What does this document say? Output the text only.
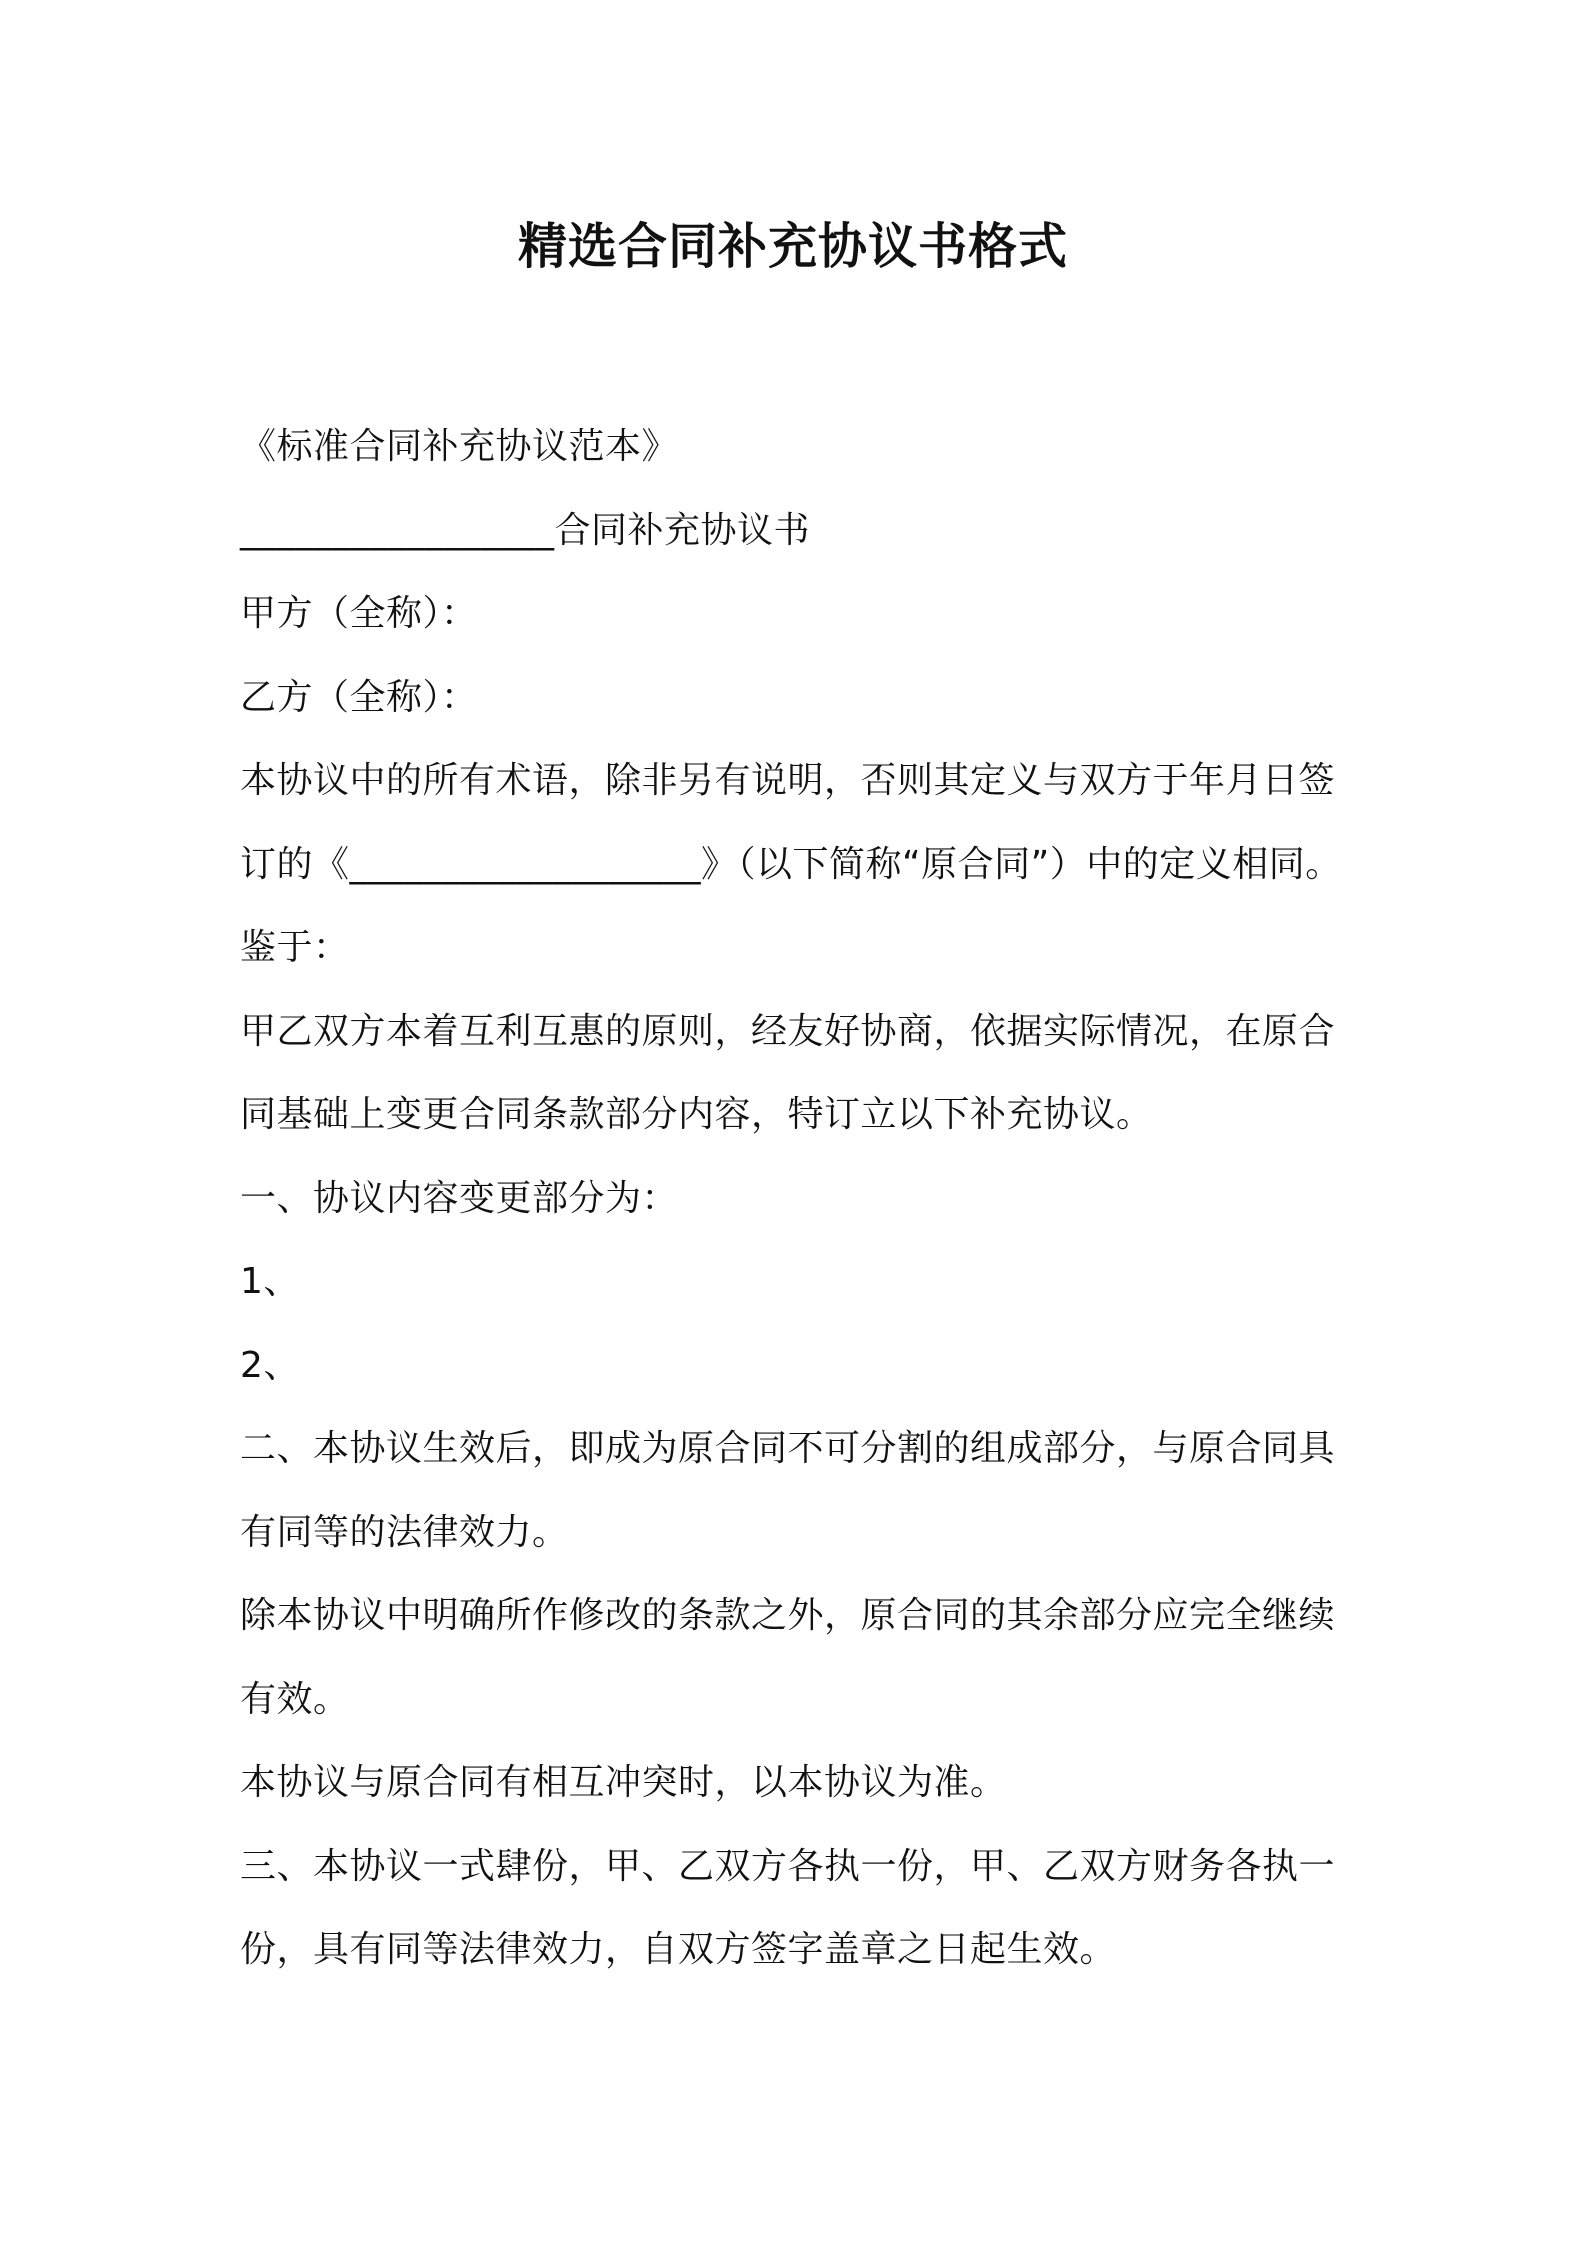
精选合同补充协议书格式
《标准合同补充协议范本》
_________________合同补充协议书
甲方（全称）：
乙方（全称）：
本协议中的所有术语，除非另有说明，否则其定义与双方于年月日签
订的《___________________》（以下简称“原合同”）中的定义相同。
鉴于：
甲乙双方本着互利互惠的原则，经友好协商，依据实际情况，在原合
同基础上变更合同条款部分内容，特订立以下补充协议。
一、协议内容变更部分为：
1、
2、
二、本协议生效后，即成为原合同不可分割的组成部分，与原合同具
有同等的法律效力。
除本协议中明确所作修改的条款之外，原合同的其余部分应完全继续
有效。
本协议与原合同有相互冲突时，以本协议为准。
三、本协议一式肆份，甲、乙双方各执一份，甲、乙双方财务各执一
份，具有同等法律效力，自双方签字盖章之日起生效。
